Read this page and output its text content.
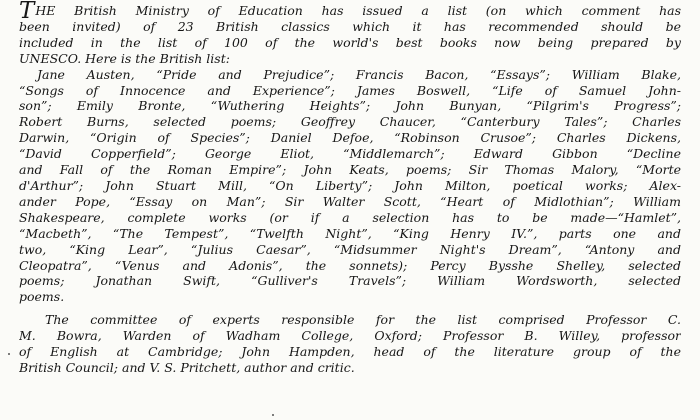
T HE British Ministry of Education has issued a list (on which comment has
been invited) of 23 British classics which it has recommended should be
included in the list of 100 of the world's best books now being prepared by
UNESCO. Here is the British list:
Jane Austen, “Pride and Prejudice”; Francis Bacon, “Essays”; William Blake,
“Songs of Innocence and Experience”; James Boswell, “Life of Samuel John-
son”; Emily Bronte, “Wuthering Heights”; John Bunyan, “Pilgrim's Progress”;
Robert Burns, selected poems; Geoffrey Chaucer, “Canterbury Tales”; Charles
Darwin, “Origin of Species”; Daniel Defoe, “Robinson Crusoe”; Charles Dickens,
“David Copperfield”; George Eliot, “Middlemarch”; Edward Gibbon “Decline
and Fall of the Roman Empire”; John Keats, poems; Sir Thomas Malory, “Morte
d'Arthur”; John Stuart Mill, “On Liberty”; John Milton, poetical works; Alex-
ander Pope, “Essay on Man”; Sir Walter Scott, “Heart of Midlothian”; William
Shakespeare, complete works (or if a selection has to be made—“Hamlet”,
“Macbeth”, “The Tempest”, “Twelfth Night”, “King Henry IV.”, parts one and
two, “King Lear”, “Julius Caesar”, “Midsummer Night's Dream”, “Antony and
Cleopatra”, “Venus and Adonis”, the sonnets); Percy Bysshe Shelley, selected
poems; Jonathan Swift, “Gulliver's Travels”; William Wordsworth, selected
poems.
The committee of experts responsible for the list comprised Professor C.
M. Bowra, Warden of Wadham College, Oxford; Professor B. Willey, professor
of English at Cambridge; John Hampden, head of the literature group of the
British Council; and V. S. Pritchett, author and critic.
